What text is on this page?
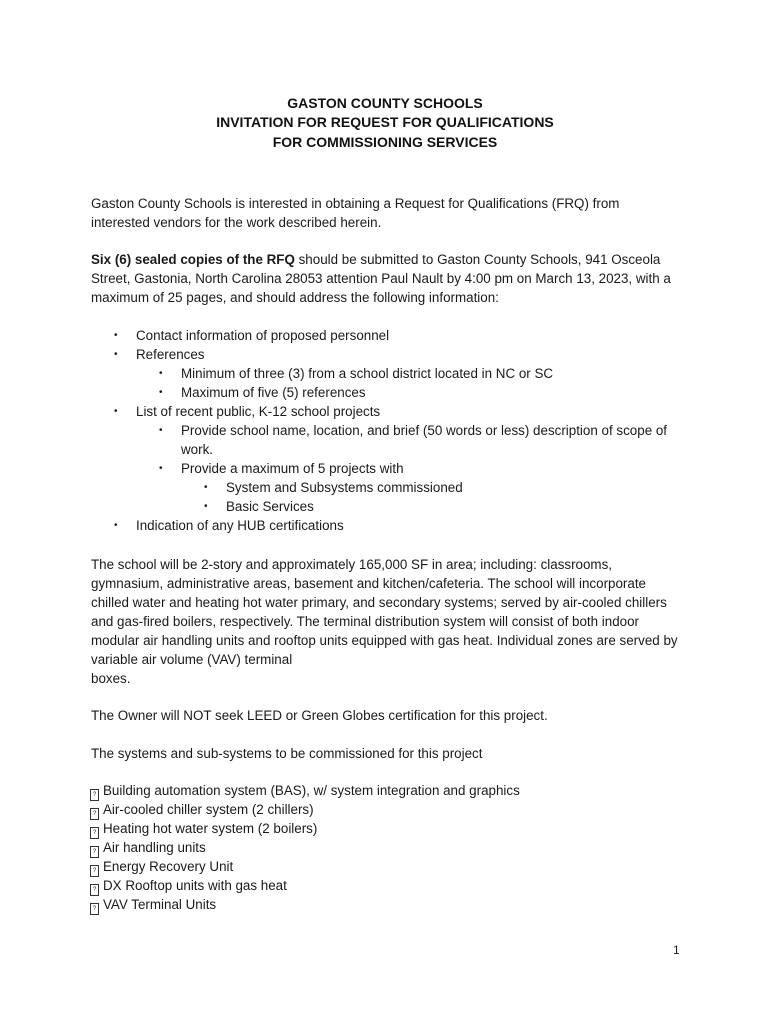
GASTON COUNTY SCHOOLS
INVITATION FOR REQUEST FOR QUALIFICATIONS
FOR COMMISSIONING SERVICES
Gaston County Schools is interested in obtaining a Request for Qualifications (FRQ) from interested vendors for the work described herein.
Six (6) sealed copies of the RFQ should be submitted to Gaston County Schools, 941 Osceola Street, Gastonia, North Carolina 28053 attention Paul Nault by 4:00 pm on March 13, 2023, with a maximum of 25 pages, and should address the following information:
• Contact information of proposed personnel
• References
• Minimum of three (3) from a school district located in NC or SC
• Maximum of five (5) references
• List of recent public, K-12 school projects
• Provide school name, location, and brief (50 words or less) description of scope of work.
• Provide a maximum of 5 projects with
• System and Subsystems commissioned
• Basic Services
• Indication of any HUB certifications
The school will be 2-story and approximately 165,000 SF in area; including: classrooms, gymnasium, administrative areas, basement and kitchen/cafeteria. The school will incorporate chilled water and heating hot water primary, and secondary systems; served by air-cooled chillers and gas-fired boilers, respectively. The terminal distribution system will consist of both indoor modular air handling units and rooftop units equipped with gas heat. Individual zones are served by variable air volume (VAV) terminal
boxes.
The Owner will NOT seek LEED or Green Globes certification for this project.
The systems and sub-systems to be commissioned for this project
? Building automation system (BAS), w/ system integration and graphics
? Air-cooled chiller system (2 chillers)
? Heating hot water system (2 boilers)
? Air handling units
? Energy Recovery Unit
? DX Rooftop units with gas heat
? VAV Terminal Units
1
